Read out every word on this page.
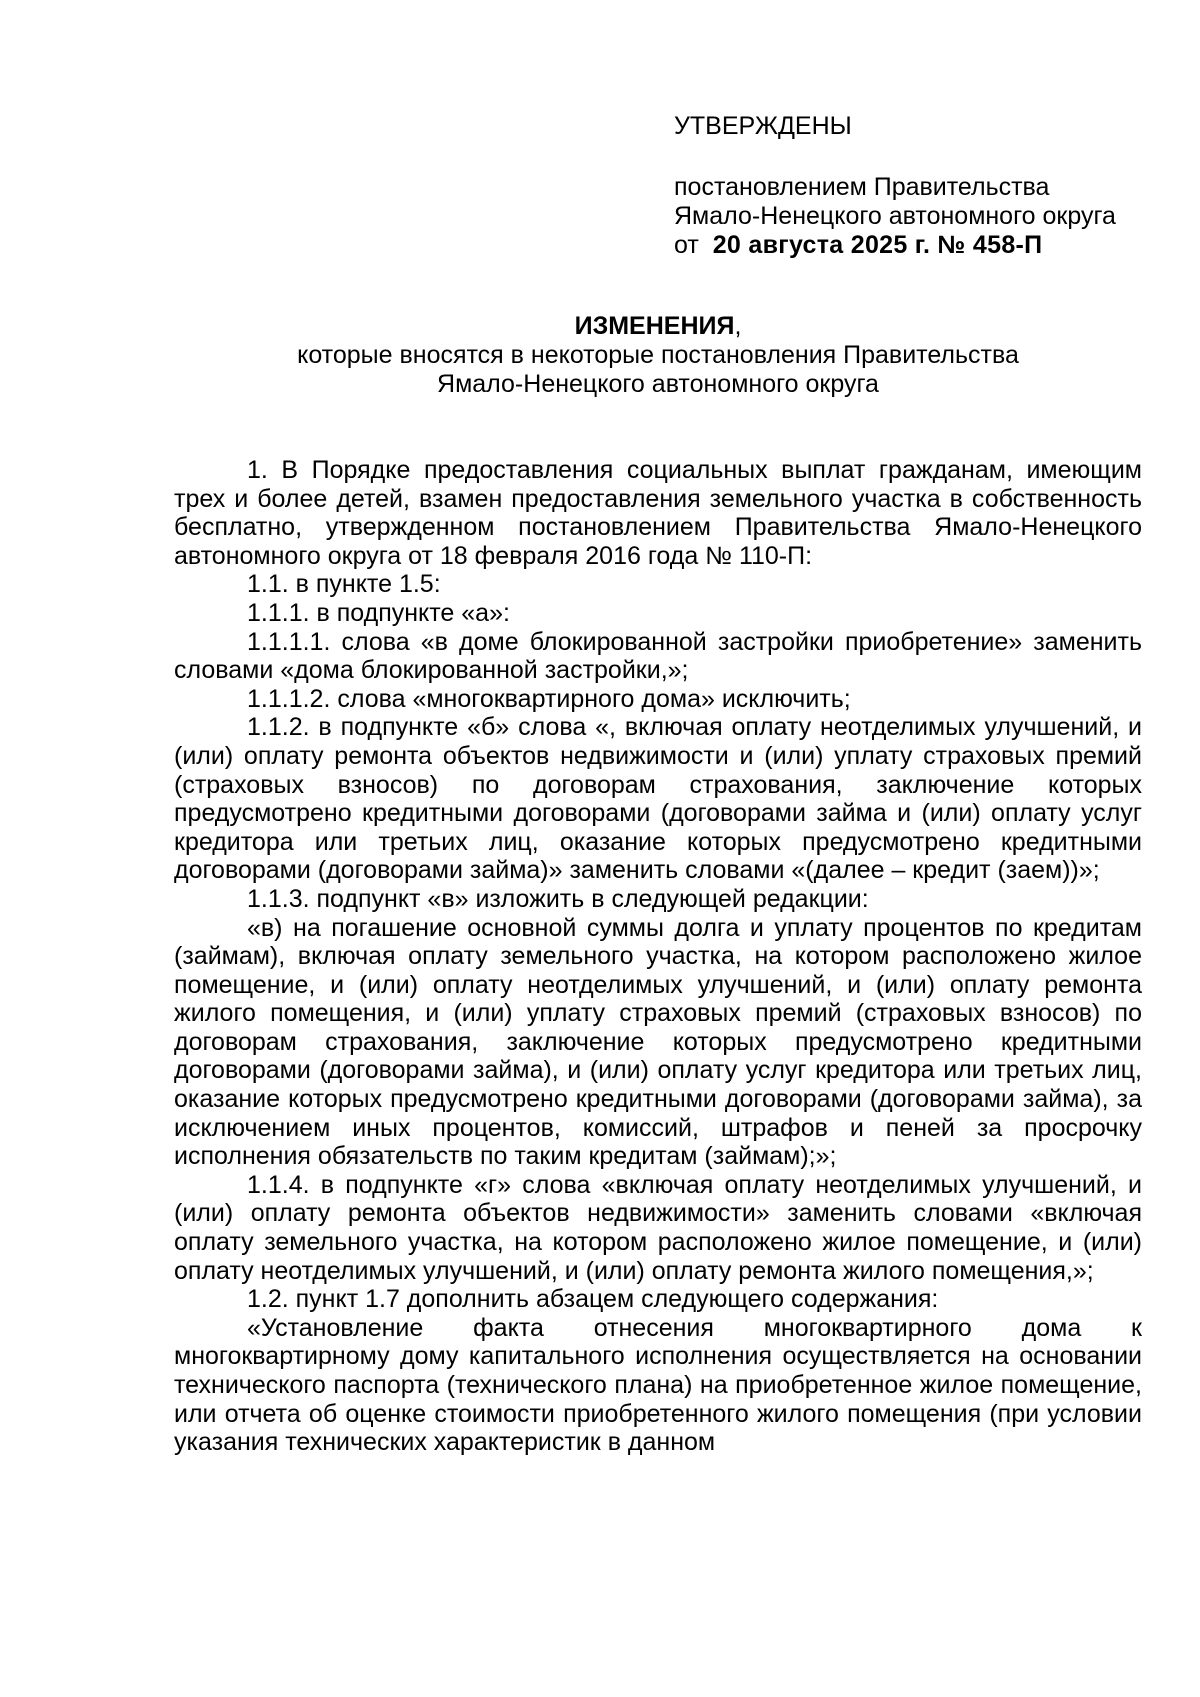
УТВЕРЖДЕНЫ

постановлением Правительства

Ямало-Ненецкого автономного округа

от 20 августа 2025 г. № 458-П

ИЗМЕНЕНИЯ,

которые вносятся в некоторые постановления Правительства

Ямало-Ненецкого автономного округа

1. В Порядке предоставления социальных выплат гражданам, имеющим трех и более детей, взамен предоставления земельного участка в собственность бесплатно, утвержденном постановлением Правительства Ямало-Ненецкого автономного округа от 18 февраля 2016 года № 110-П:

1.1. в пункте 1.5:

1.1.1. в подпункте «а»:

1.1.1.1. слова «в доме блокированной застройки приобретение» заменить словами «дома блокированной застройки,»;

1.1.1.2. слова «многоквартирного дома» исключить;

1.1.2. в подпункте «б» слова «, включая оплату неотделимых улучшений, и (или) оплату ремонта объектов недвижимости и (или) уплату страховых премий (страховых взносов) по договорам страхования, заключение которых предусмотрено кредитными договорами (договорами займа и (или) оплату услуг кредитора или третьих лиц, оказание которых предусмотрено кредитными договорами (договорами займа)» заменить словами «(далее – кредит (заем))»;

1.1.3. подпункт «в» изложить в следующей редакции:

«в) на погашение основной суммы долга и уплату процентов по кредитам (займам), включая оплату земельного участка, на котором расположено жилое помещение, и (или) оплату неотделимых улучшений, и (или) оплату ремонта жилого помещения, и (или) уплату страховых премий (страховых взносов) по договорам страхования, заключение которых предусмотрено кредитными договорами (договорами займа), и (или) оплату услуг кредитора или третьих лиц, оказание которых предусмотрено кредитными договорами (договорами займа), за исключением иных процентов, комиссий, штрафов и пеней за просрочку исполнения обязательств по таким кредитам (займам);»;

1.1.4. в подпункте «г» слова «включая оплату неотделимых улучшений, и (или) оплату ремонта объектов недвижимости» заменить словами «включая оплату земельного участка, на котором расположено жилое помещение, и (или) оплату неотделимых улучшений, и (или) оплату ремонта жилого помещения,»;

1.2. пункт 1.7 дополнить абзацем следующего содержания:

«Установление факта отнесения многоквартирного дома к многоквартирному дому капитального исполнения осуществляется на основании технического паспорта (технического плана) на приобретенное жилое помещение, или отчета об оценке стоимости приобретенного жилого помещения (при условии указания технических характеристик в данном
